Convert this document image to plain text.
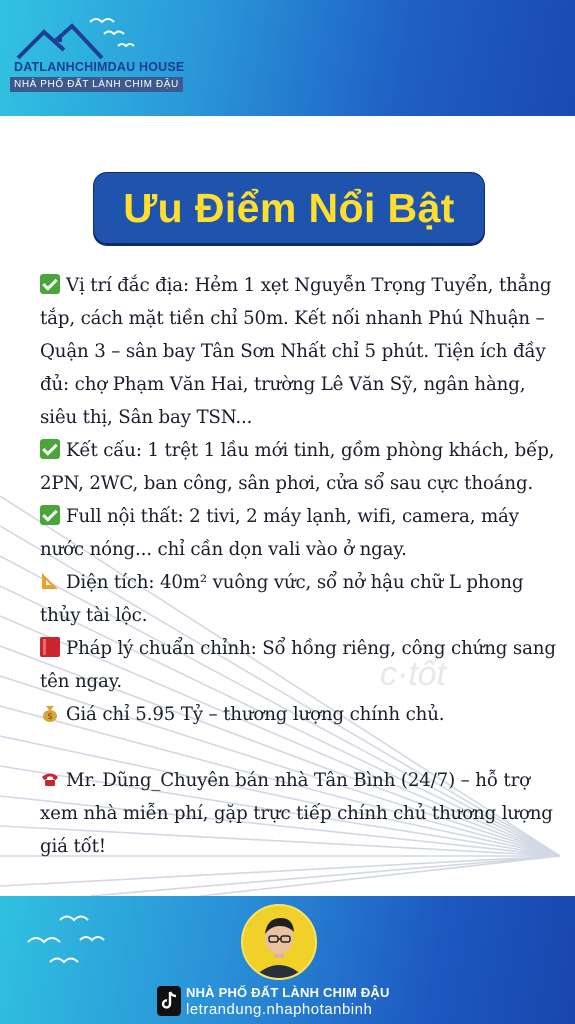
DATLANHCHIMDAU HOUSE
NHÀ PHỐ ĐẤT LÀNH CHIM ĐẬU
Ưu Điểm Nổi Bật
c·tốt

Vị trí đắc địa: Hẻm 1 xẹt Nguyễn Trọng Tuyển, thẳng tắp, cách mặt tiền chỉ 50m. Kết nối nhanh Phú Nhuận – Quận 3 – sân bay Tân Sơn Nhất chỉ 5 phút. Tiện ích đầy đủ: chợ Phạm Văn Hai, trường Lê Văn Sỹ, ngân hàng, siêu thị, Sân bay TSN...

Kết cấu: 1 trệt 1 lầu mới tinh, gồm phòng khách, bếp, 2PN, 2WC, ban công, sân phơi, cửa sổ sau cực thoáng.

Full nội thất: 2 tivi, 2 máy lạnh, wifi, camera, máy nước nóng... chỉ cần dọn vali vào ở ngay.

Diện tích: 40m² vuông vức, sổ nở hậu chữ L phong thủy tài lộc.

Pháp lý chuẩn chỉnh: Sổ hồng riêng, công chứng sang tên ngay.

$ Giá chỉ 5.95 Tỷ – thương lượng chính chủ.

Mr. Dũng_Chuyên bán nhà Tân Bình (24/7) – hỗ trợ xem nhà miễn phí, gặp trực tiếp chính chủ thương lượng giá tốt!

NHÀ PHỐ ĐẤT LÀNH CHIM ĐẬU
letrandung.nhaphotanbinh
